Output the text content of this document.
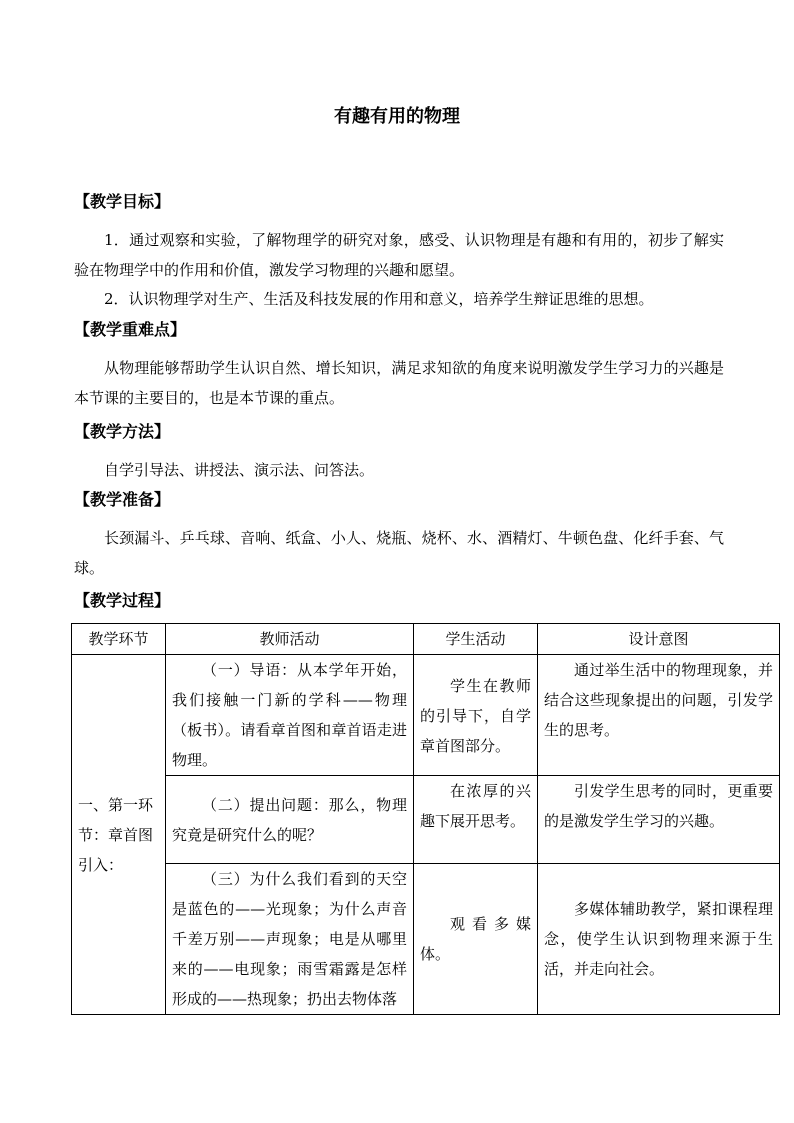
有趣有用的物理
【教学目标】
1．通过观察和实验，了解物理学的研究对象，感受、认识物理是有趣和有用的，初步了解实验在物理学中的作用和价值，激发学习物理的兴趣和愿望。
2．认识物理学对生产、生活及科技发展的作用和意义，培养学生辩证思维的思想。
【教学重难点】
从物理能够帮助学生认识自然、增长知识，满足求知欲的角度来说明激发学生学习力的兴趣是本节课的主要目的，也是本节课的重点。
【教学方法】
自学引导法、讲授法、演示法、问答法。
【教学准备】
长颈漏斗、乒乓球、音响、纸盒、小人、烧瓶、烧杯、水、酒精灯、牛顿色盘、化纤手套、气球。
【教学过程】
教学环节	教师活动	学生活动	设计意图
一、第一环节：章首图引入：	（一）导语：从本学年开始，我们接触一门新的学科——物理（板书）。请看章首图和章首语走进物理。	学生在教师的引导下，自学章首图部分。	通过举生活中的物理现象，并结合这些现象提出的问题，引发学生的思考。
	（二）提出问题：那么，物理究竟是研究什么的呢？	在浓厚的兴趣下展开思考。	引发学生思考的同时，更重要的是激发学生学习的兴趣。
	（三）为什么我们看到的天空是蓝色的——光现象；为什么声音千差万别——声现象；电是从哪里来的——电现象；雨雪霜露是怎样形成的——热现象；扔出去物体落	观看多媒体。	多媒体辅助教学，紧扣课程理念，使学生认识到物理来源于生活，并走向社会。
